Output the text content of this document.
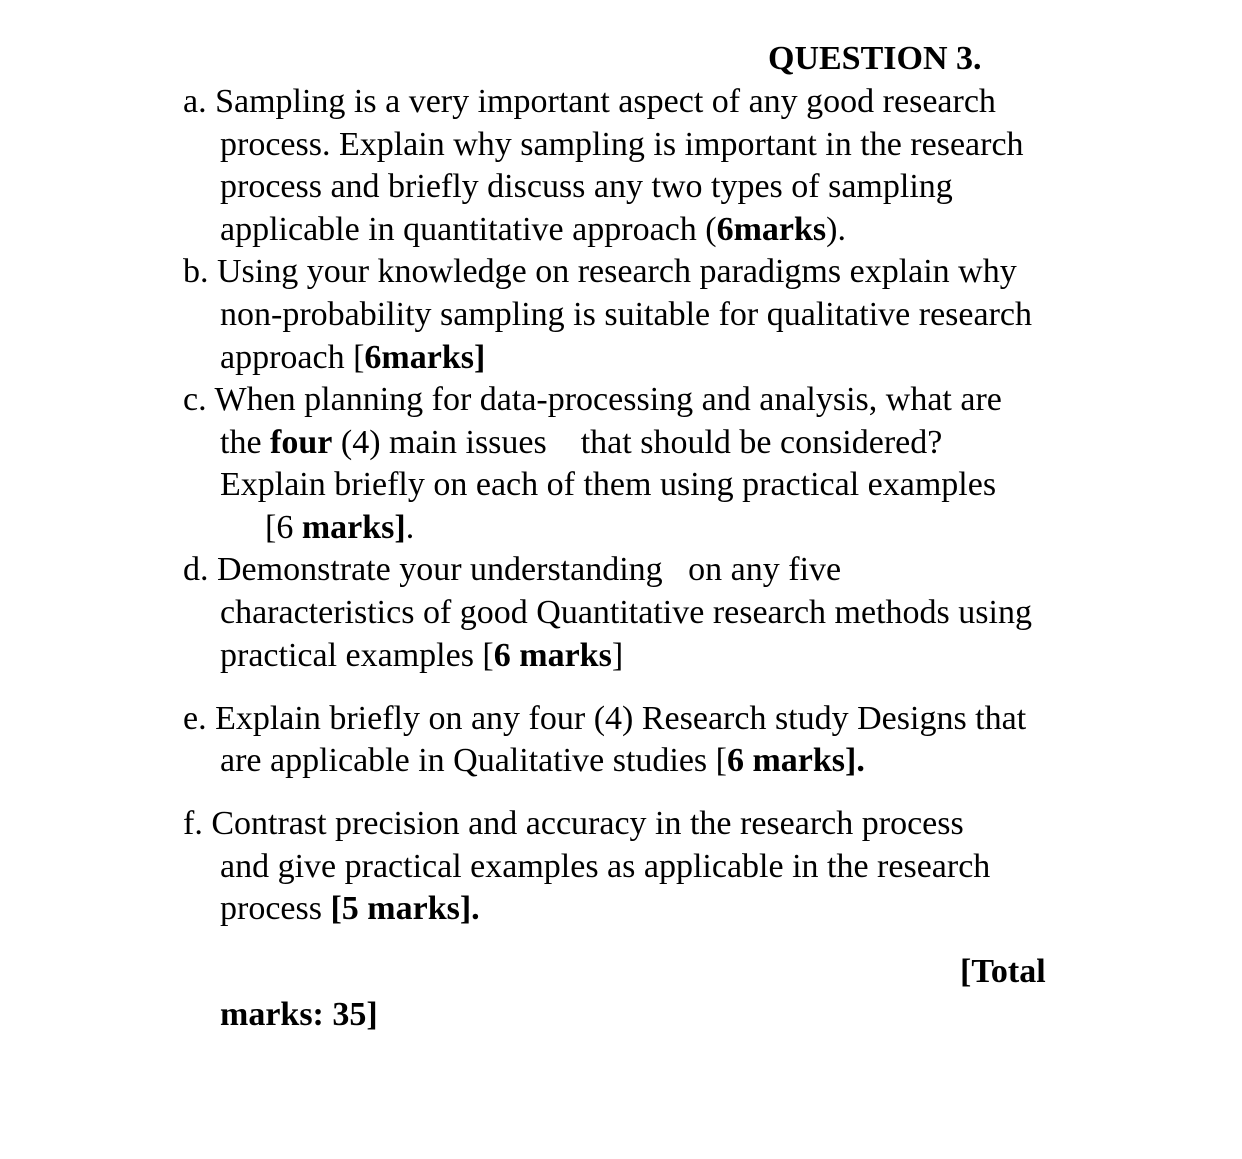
QUESTION 3.
a. Sampling is a very important aspect of any good research
process. Explain why sampling is important in the research
process and briefly discuss any two types of sampling
applicable in quantitative approach (6marks).
b. Using your knowledge on research paradigms explain why
non-probability sampling is suitable for qualitative research
approach [6marks]
c. When planning for data-processing and analysis, what are
the four (4) main issues    that should be considered?
Explain briefly on each of them using practical examples
[6 marks].
d. Demonstrate your understanding   on any five
characteristics of good Quantitative research methods using
practical examples [6 marks]
e. Explain briefly on any four (4) Research study Designs that
are applicable in Qualitative studies [6 marks].
f. Contrast precision and accuracy in the research process
and give practical examples as applicable in the research
process [5 marks].
[Total
marks: 35]
